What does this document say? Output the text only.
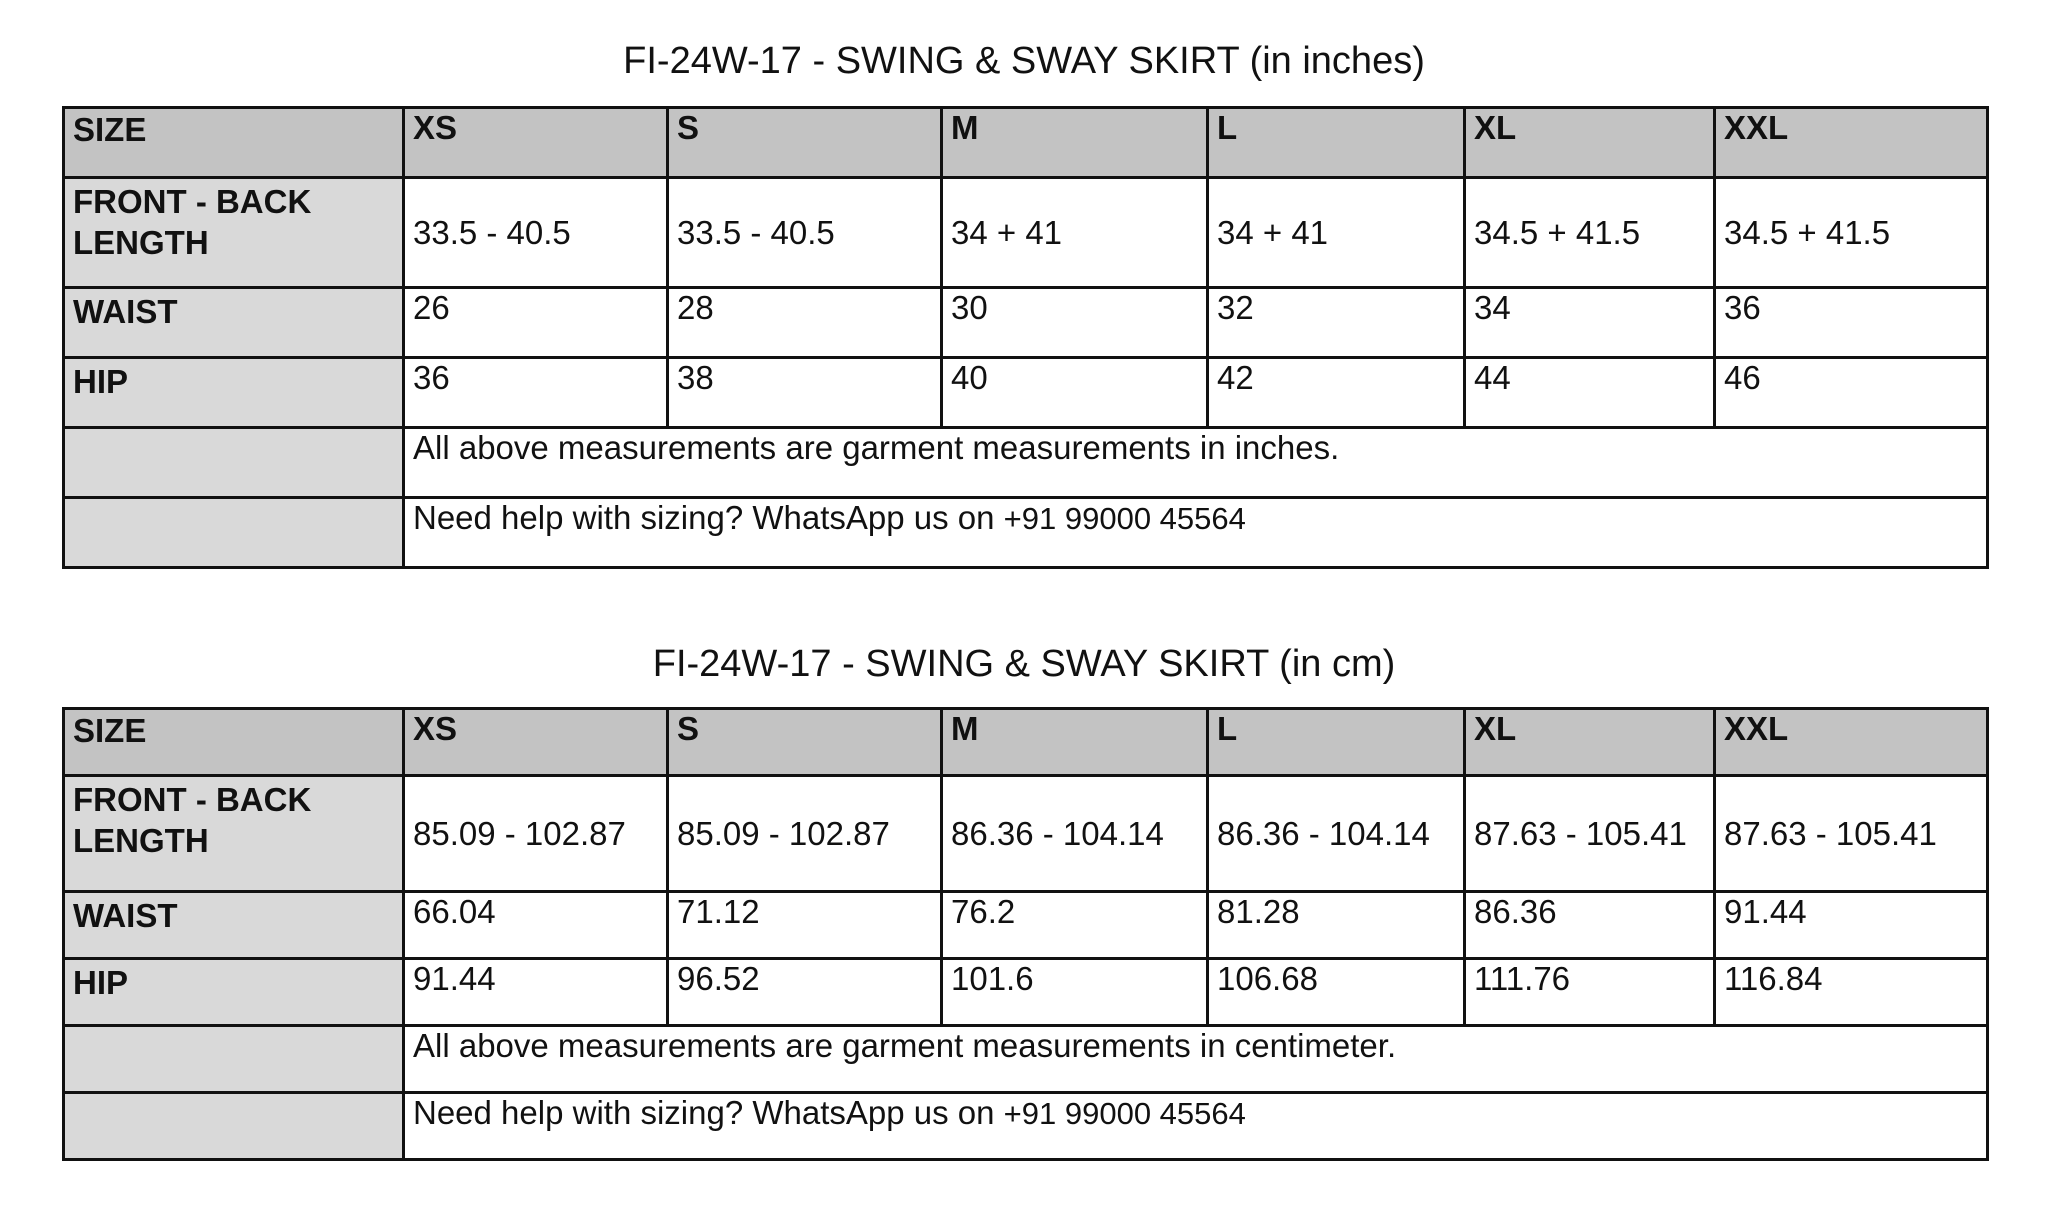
FI-24W-17 - SWING & SWAY SKIRT (in inches)
SIZE	XS	S	M	L	XL	XXL
FRONT - BACK LENGTH	33.5 - 40.5	33.5 - 40.5	34 + 41	34 + 41	34.5 + 41.5	34.5 + 41.5
WAIST	26	28	30	32	34	36
HIP	36	38	40	42	44	46
	All above measurements are garment measurements in inches.					
	Need help with sizing? WhatsApp us on +91 99000 45564					
FI-24W-17 - SWING & SWAY SKIRT (in cm)
SIZE	XS	S	M	L	XL	XXL
FRONT - BACK LENGTH	85.09 - 102.87	85.09 - 102.87	86.36 - 104.14	86.36 - 104.14	87.63 - 105.41	87.63 - 105.41
WAIST	66.04	71.12	76.2	81.28	86.36	91.44
HIP	91.44	96.52	101.6	106.68	111.76	116.84
	All above measurements are garment measurements in centimeter.					
	Need help with sizing? WhatsApp us on +91 99000 45564					
